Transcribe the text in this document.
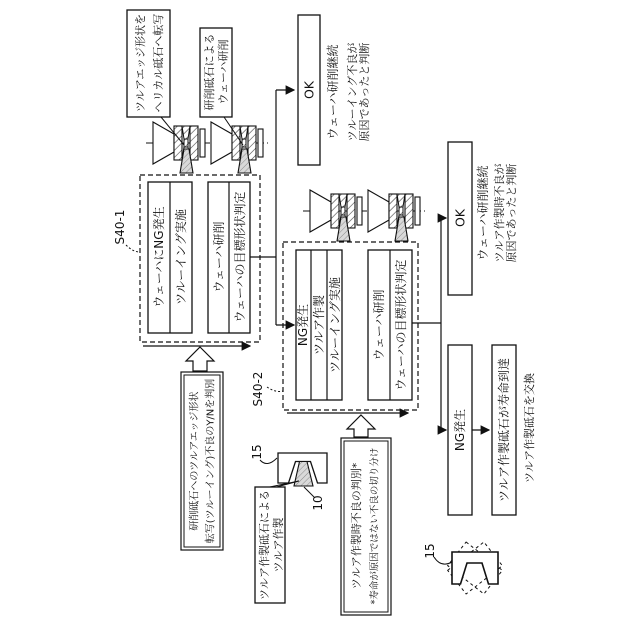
ツルアエッジ形状を ヘリカル砥石へ転写	研削砥石による ウェーハ研削
S40-1 ウェーハにNG発生 ツルーイング実施 ウェーハ研削 ウェーハの目標形状判定
OK ウェーハ研削継続 ツルーイング不良が 原因であったと判断
研削砥石へのツルアエッジ形状 転写(ツルーイング)不良のY/Nを判別	S40-2
NG発生 ツルア作製 ツルーイング実施	ウェーハ研削 ウェーハの目標形状判定
OK ウェーハ研削継続 ツルア作製時不良が 原因であったと判断
NG発生	ツルア作製砥石が寿命到達 ツルア作製砥石を交換
15
10
ツルア作製砥石による ツルア作製	ツルア作製時不良の判別* *寿命が原因ではない不良の切り分け	15
